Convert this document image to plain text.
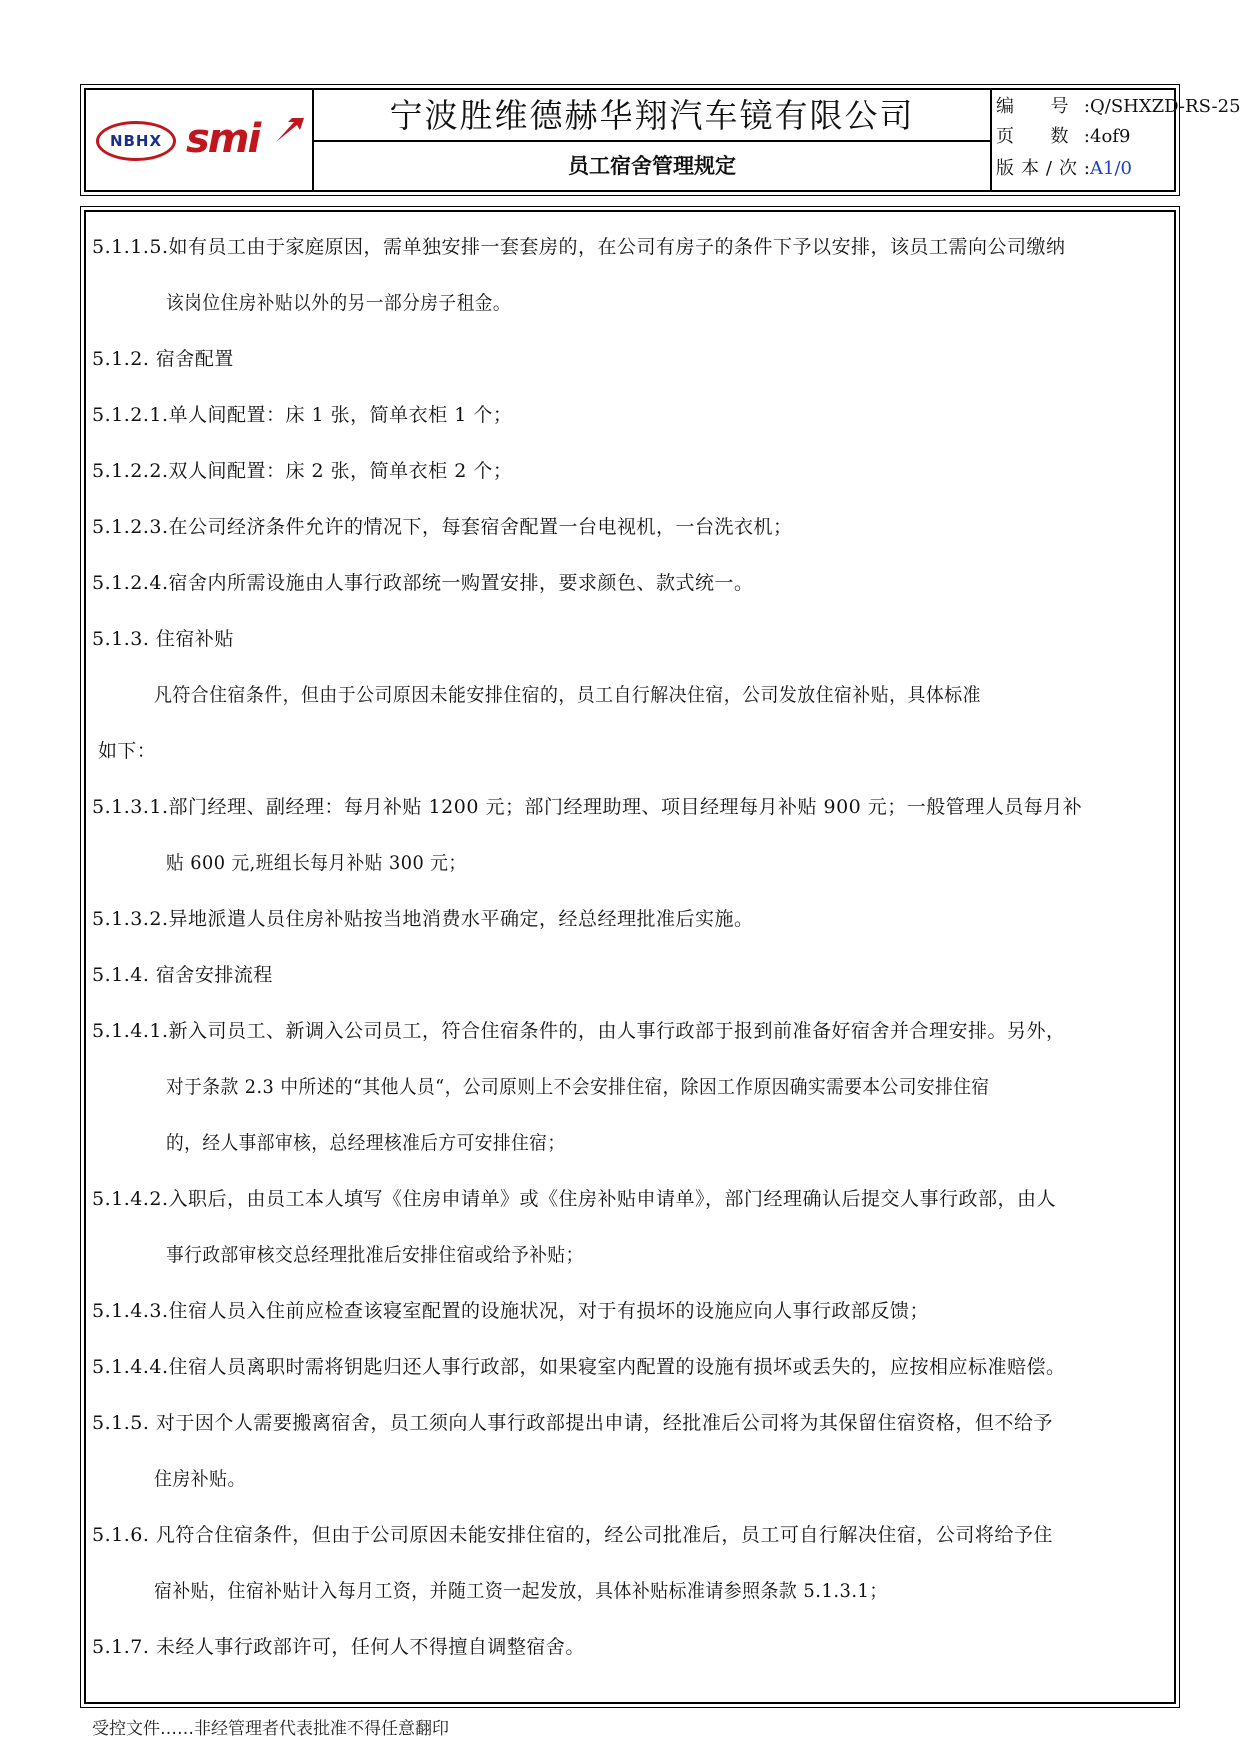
NBHX smi
宁波胜维德赫华翔汽车镜有限公司
员工宿舍管理规定
编 号:Q/SHXZD-RS-25
页 数:4of9
版本/次:A1/0
5.1.1.5.如有员工由于家庭原因，需单独安排一套套房的，在公司有房子的条件下予以安排，该员工需向公司缴纳
该岗位住房补贴以外的另一部分房子租金。
5.1.2. 宿舍配置
5.1.2.1.单人间配置：床 1 张，简单衣柜 1 个；
5.1.2.2.双人间配置：床 2 张，简单衣柜 2 个；
5.1.2.3.在公司经济条件允许的情况下，每套宿舍配置一台电视机，一台洗衣机；
5.1.2.4.宿舍内所需设施由人事行政部统一购置安排，要求颜色、款式统一。
5.1.3. 住宿补贴
凡符合住宿条件，但由于公司原因未能安排住宿的，员工自行解决住宿，公司发放住宿补贴，具体标准
如下：
5.1.3.1.部门经理、副经理：每月补贴 1200 元；部门经理助理、项目经理每月补贴 900 元；一般管理人员每月补
贴 600 元,班组长每月补贴 300 元；
5.1.3.2.异地派遣人员住房补贴按当地消费水平确定，经总经理批准后实施。
5.1.4. 宿舍安排流程
5.1.4.1.新入司员工、新调入公司员工，符合住宿条件的，由人事行政部于报到前准备好宿舍并合理安排。另外，
对于条款 2.3 中所述的“其他人员“，公司原则上不会安排住宿，除因工作原因确实需要本公司安排住宿
的，经人事部审核，总经理核准后方可安排住宿；
5.1.4.2.入职后，由员工本人填写《住房申请单》或《住房补贴申请单》，部门经理确认后提交人事行政部，由人
事行政部审核交总经理批准后安排住宿或给予补贴；
5.1.4.3.住宿人员入住前应检查该寝室配置的设施状况，对于有损坏的设施应向人事行政部反馈；
5.1.4.4.住宿人员离职时需将钥匙归还人事行政部，如果寝室内配置的设施有损坏或丢失的，应按相应标准赔偿。
5.1.5. 对于因个人需要搬离宿舍，员工须向人事行政部提出申请，经批准后公司将为其保留住宿资格，但不给予
住房补贴。
5.1.6. 凡符合住宿条件，但由于公司原因未能安排住宿的，经公司批准后，员工可自行解决住宿，公司将给予住
宿补贴，住宿补贴计入每月工资，并随工资一起发放，具体补贴标准请参照条款 5.1.3.1；
5.1.7. 未经人事行政部许可，任何人不得擅自调整宿舍。
受控文件……非经管理者代表批准不得任意翻印
